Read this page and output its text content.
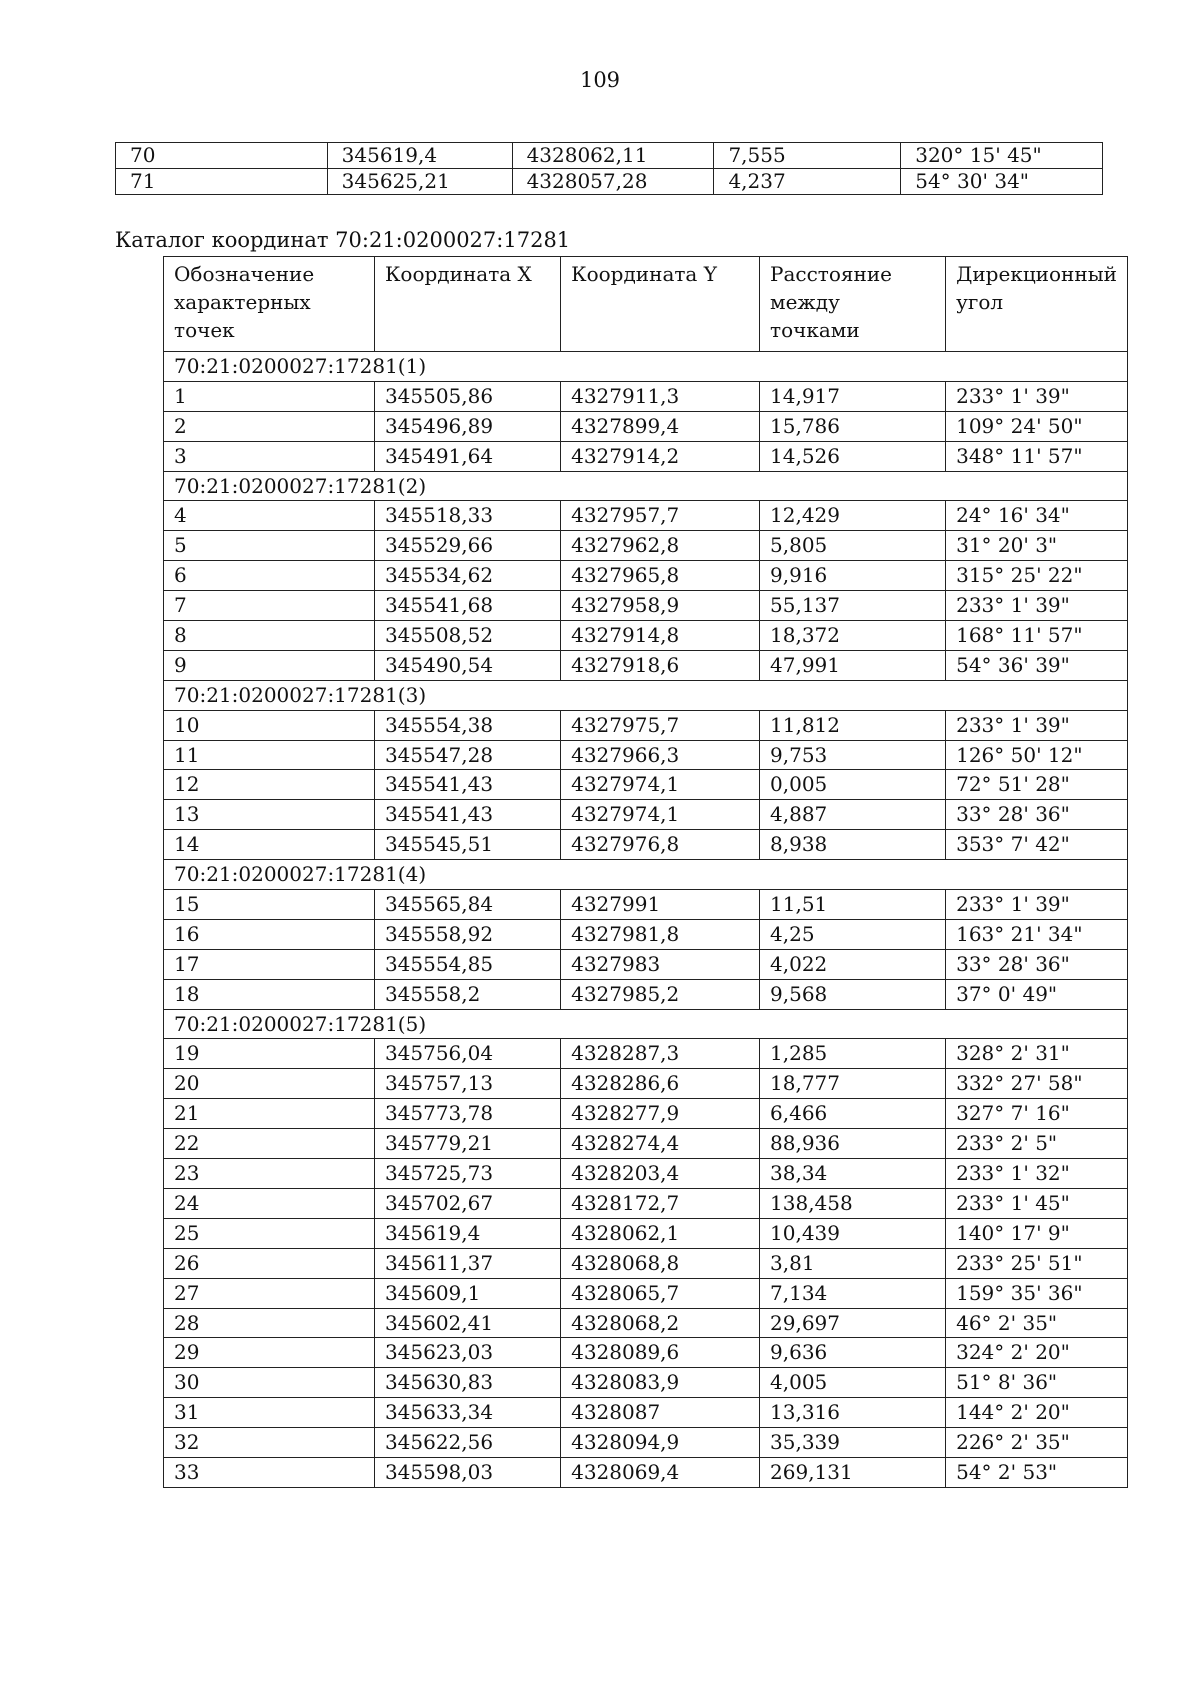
109
70	345619,4	4328062,11	7,555	320° 15' 45"
71	345625,21	4328057,28	4,237	54° 30' 34"
Каталог координат 70:21:0200027:17281
Обозначение характерных точек	Координата X	Координата Y	Расстояние между точками	Дирекционный угол
70:21:0200027:17281(1)				
1	345505,86	4327911,3	14,917	233° 1' 39"
2	345496,89	4327899,4	15,786	109° 24' 50"
3	345491,64	4327914,2	14,526	348° 11' 57"
70:21:0200027:17281(2)				
4	345518,33	4327957,7	12,429	24° 16' 34"
5	345529,66	4327962,8	5,805	31° 20' 3"
6	345534,62	4327965,8	9,916	315° 25' 22"
7	345541,68	4327958,9	55,137	233° 1' 39"
8	345508,52	4327914,8	18,372	168° 11' 57"
9	345490,54	4327918,6	47,991	54° 36' 39"
70:21:0200027:17281(3)				
10	345554,38	4327975,7	11,812	233° 1' 39"
11	345547,28	4327966,3	9,753	126° 50' 12"
12	345541,43	4327974,1	0,005	72° 51' 28"
13	345541,43	4327974,1	4,887	33° 28' 36"
14	345545,51	4327976,8	8,938	353° 7' 42"
70:21:0200027:17281(4)				
15	345565,84	4327991	11,51	233° 1' 39"
16	345558,92	4327981,8	4,25	163° 21' 34"
17	345554,85	4327983	4,022	33° 28' 36"
18	345558,2	4327985,2	9,568	37° 0' 49"
70:21:0200027:17281(5)				
19	345756,04	4328287,3	1,285	328° 2' 31"
20	345757,13	4328286,6	18,777	332° 27' 58"
21	345773,78	4328277,9	6,466	327° 7' 16"
22	345779,21	4328274,4	88,936	233° 2' 5"
23	345725,73	4328203,4	38,34	233° 1' 32"
24	345702,67	4328172,7	138,458	233° 1' 45"
25	345619,4	4328062,1	10,439	140° 17' 9"
26	345611,37	4328068,8	3,81	233° 25' 51"
27	345609,1	4328065,7	7,134	159° 35' 36"
28	345602,41	4328068,2	29,697	46° 2' 35"
29	345623,03	4328089,6	9,636	324° 2' 20"
30	345630,83	4328083,9	4,005	51° 8' 36"
31	345633,34	4328087	13,316	144° 2' 20"
32	345622,56	4328094,9	35,339	226° 2' 35"
33	345598,03	4328069,4	269,131	54° 2' 53"
